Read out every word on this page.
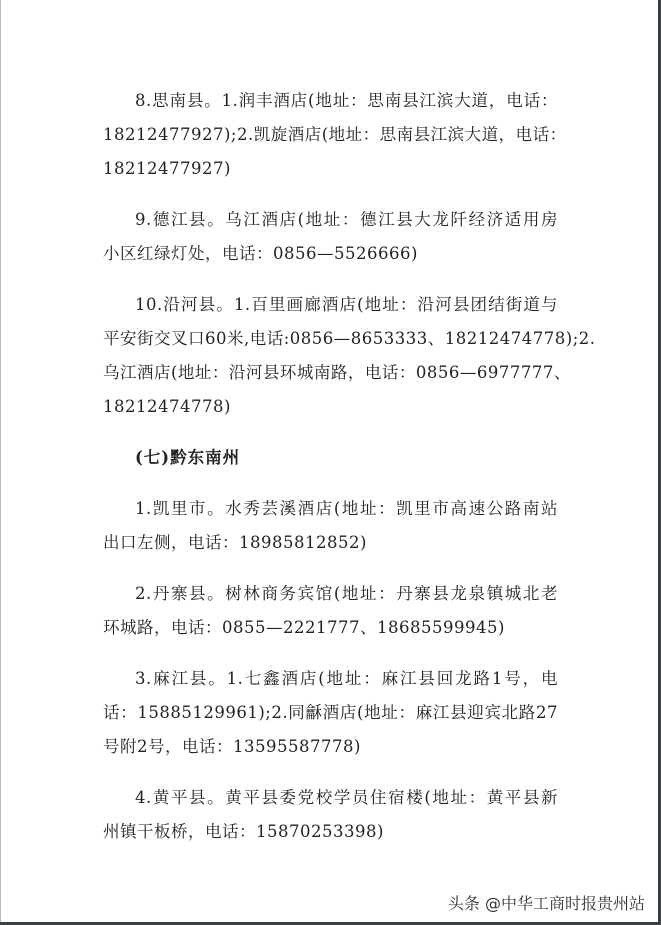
8.思南县。1.润丰酒店(地址：思南县江滨大道，电话：
18212477927);2.凯旋酒店(地址：思南县江滨大道，电话：
18212477927)
9.德江县。乌江酒店(地址：德江县大龙阡经济适用房
小区红绿灯处，电话：0856—5526666)
10.沿河县。1.百里画廊酒店(地址：沿河县团结街道与
平安街交叉口60米,电话:0856—8653333、18212474778);2.
乌江酒店(地址：沿河县环城南路，电话：0856—6977777、
18212474778)
(七)黔东南州
1.凯里市。水秀芸溪酒店(地址：凯里市高速公路南站
出口左侧，电话：18985812852)
2.丹寨县。树林商务宾馆(地址：丹寨县龙泉镇城北老
环城路，电话：0855—2221777、18685599945)
3.麻江县。1.七鑫酒店(地址：麻江县回龙路1号，电
话：15885129961);2.同龢酒店(地址：麻江县迎宾北路27
号附2号，电话：13595587778)
4.黄平县。黄平县委党校学员住宿楼(地址：黄平县新
州镇干板桥，电话：15870253398)
头条 @中华工商时报贵州站
